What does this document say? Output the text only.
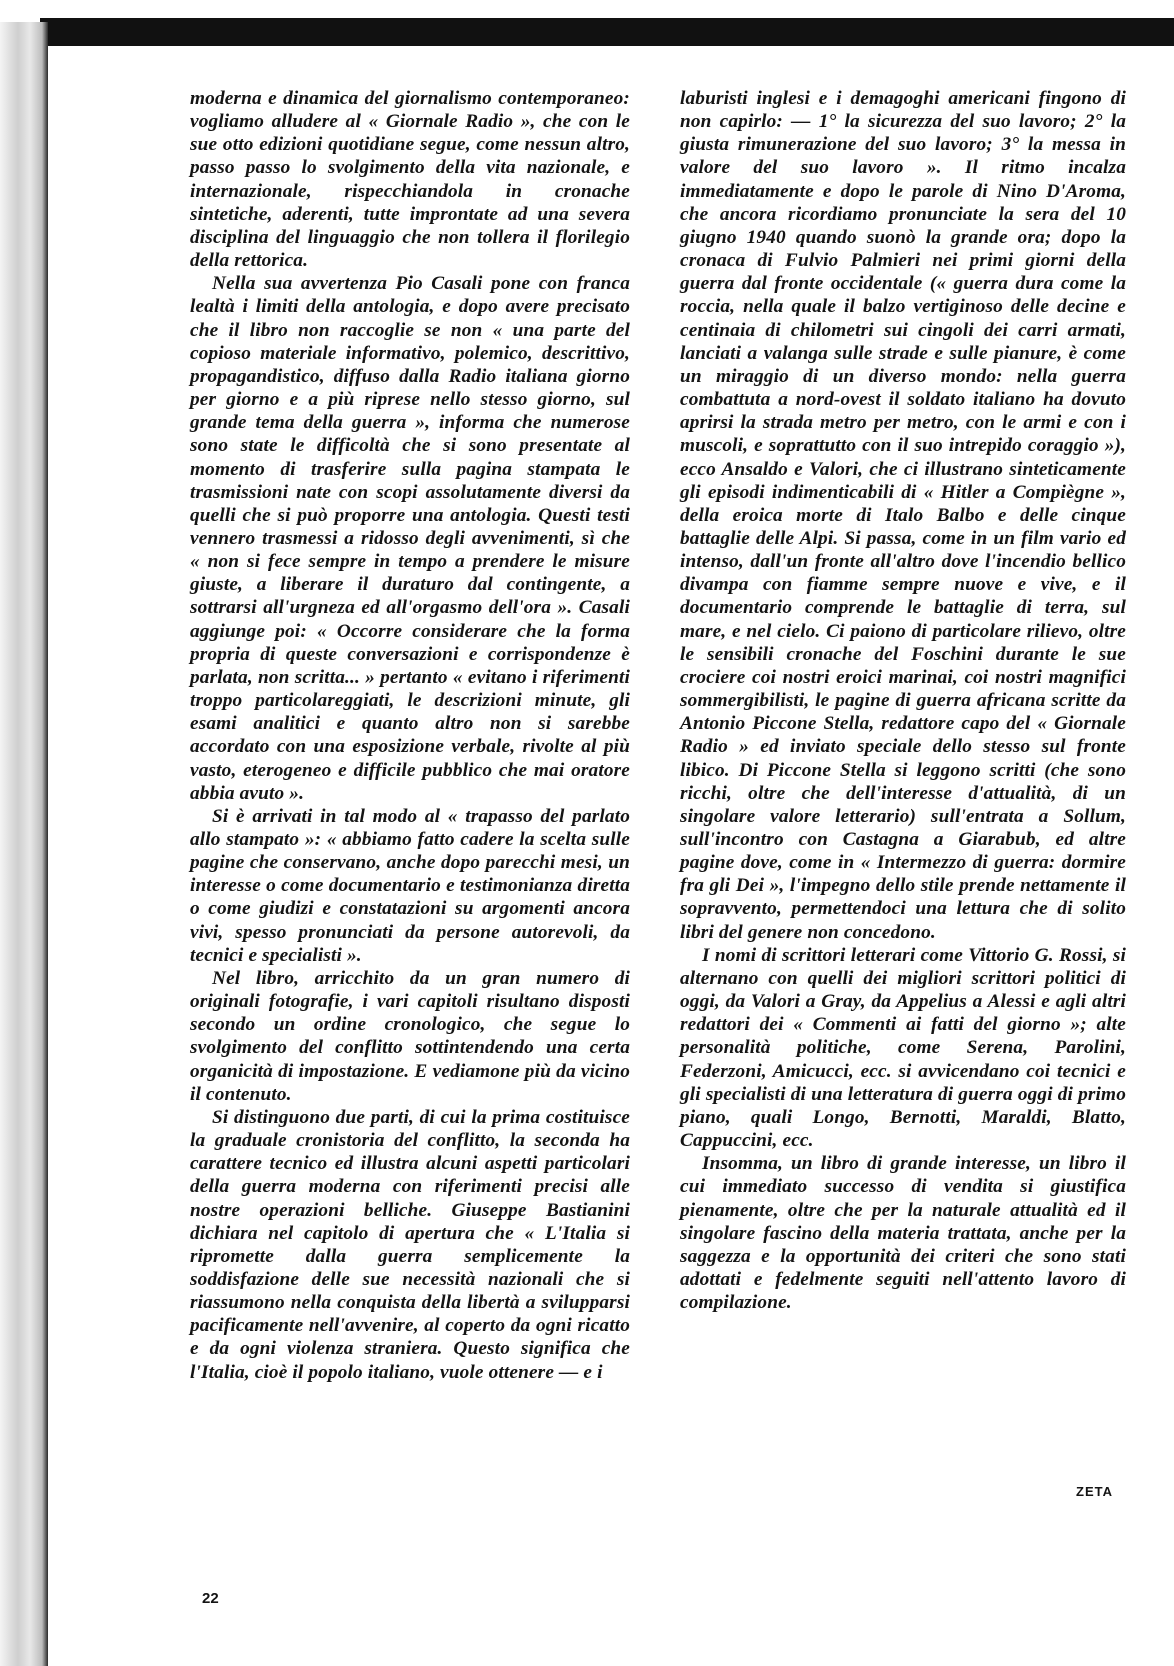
moderna e dinamica del giornalismo contemporaneo: vogliamo alludere al « Giornale Radio », che con le sue otto edizioni quotidiane segue, come nessun altro, passo passo lo svolgimento della vita nazionale, e internazionale, rispecchiandola in cronache sintetiche, aderenti, tutte improntate ad una severa disciplina del linguaggio che non tollera il florilegio della rettorica.

Nella sua avvertenza Pio Casali pone con franca lealtà i limiti della antologia, e dopo avere precisato che il libro non raccoglie se non « una parte del copioso materiale informativo, polemico, descrittivo, propagandistico, diffuso dalla Radio italiana giorno per giorno e a più riprese nello stesso giorno, sul grande tema della guerra », informa che numerose sono state le difficoltà che si sono presentate al momento di trasferire sulla pagina stampata le trasmissioni nate con scopi assolutamente diversi da quelli che si può proporre una antologia. Questi testi vennero trasmessi a ridosso degli avvenimenti, sì che « non si fece sempre in tempo a prendere le misure giuste, a liberare il duraturo dal contingente, a sottrarsi all'urgneza ed all'orgasmo dell'ora ». Casali aggiunge poi: « Occorre considerare che la forma propria di queste conversazioni e corrispondenze è parlata, non scritta... » pertanto « evitano i riferimenti troppo particolareggiati, le descrizioni minute, gli esami analitici e quanto altro non si sarebbe accordato con una esposizione verbale, rivolte al più vasto, eterogeneo e difficile pubblico che mai oratore abbia avuto ».

Si è arrivati in tal modo al « trapasso del parlato allo stampato »: « abbiamo fatto cadere la scelta sulle pagine che conservano, anche dopo parecchi mesi, un interesse o come documentario e testimonianza diretta o come giudizi e constatazioni su argomenti ancora vivi, spesso pronunciati da persone autorevoli, da tecnici e specialisti ».

Nel libro, arricchito da un gran numero di originali fotografie, i vari capitoli risultano disposti secondo un ordine cronologico, che segue lo svolgimento del conflitto sottintendendo una certa organicità di impostazione. E vediamone più da vicino il contenuto.

Si distinguono due parti, di cui la prima costituisce la graduale cronistoria del conflitto, la seconda ha carattere tecnico ed illustra alcuni aspetti particolari della guerra moderna con riferimenti precisi alle nostre operazioni belliche. Giuseppe Bastianini dichiara nel capitolo di apertura che « L'Italia si ripromette dalla guerra semplicemente la soddisfazione delle sue necessità nazionali che si riassumono nella conquista della libertà a svilupparsi pacificamente nell'avvenire, al coperto da ogni ricatto e da ogni violenza straniera. Questo significa che l'Italia, cioè il popolo italiano, vuole ottenere — e i

laburisti inglesi e i demagoghi americani fingono di non capirlo: — 1° la sicurezza del suo lavoro; 2° la giusta rimunerazione del suo lavoro; 3° la messa in valore del suo lavoro ». Il ritmo incalza immediatamente e dopo le parole di Nino D'Aroma, che ancora ricordiamo pronunciate la sera del 10 giugno 1940 quando suonò la grande ora; dopo la cronaca di Fulvio Palmieri nei primi giorni della guerra dal fronte occidentale (« guerra dura come la roccia, nella quale il balzo vertiginoso delle decine e centinaia di chilometri sui cingoli dei carri armati, lanciati a valanga sulle strade e sulle pianure, è come un miraggio di un diverso mondo: nella guerra combattuta a nord-ovest il soldato italiano ha dovuto aprirsi la strada metro per metro, con le armi e con i muscoli, e soprattutto con il suo intrepido coraggio »), ecco Ansaldo e Valori, che ci illustrano sinteticamente gli episodi indimenticabili di « Hitler a Compiègne », della eroica morte di Italo Balbo e delle cinque battaglie delle Alpi. Si passa, come in un film vario ed intenso, dall'un fronte all'altro dove l'incendio bellico divampa con fiamme sempre nuove e vive, e il documentario comprende le battaglie di terra, sul mare, e nel cielo. Ci paiono di particolare rilievo, oltre le sensibili cronache del Foschini durante le sue crociere coi nostri eroici marinai, coi nostri magnifici sommergibilisti, le pagine di guerra africana scritte da Antonio Piccone Stella, redattore capo del « Giornale Radio » ed inviato speciale dello stesso sul fronte libico. Di Piccone Stella si leggono scritti (che sono ricchi, oltre che dell'interesse d'attualità, di un singolare valore letterario) sull'entrata a Sollum, sull'incontro con Castagna a Giarabub, ed altre pagine dove, come in « Intermezzo di guerra: dormire fra gli Dei », l'impegno dello stile prende nettamente il sopravvento, permettendoci una lettura che di solito libri del genere non concedono.

I nomi di scrittori letterari come Vittorio G. Rossi, si alternano con quelli dei migliori scrittori politici di oggi, da Valori a Gray, da Appelius a Alessi e agli altri redattori dei « Commenti ai fatti del giorno »; alte personalità politiche, come Serena, Parolini, Federzoni, Amicucci, ecc. si avvicendano coi tecnici e gli specialisti di una letteratura di guerra oggi di primo piano, quali Longo, Bernotti, Maraldi, Blatto, Cappuccini, ecc.

Insomma, un libro di grande interesse, un libro il cui immediato successo di vendita si giustifica pienamente, oltre che per la naturale attualità ed il singolare fascino della materia trattata, anche per la saggezza e la opportunità dei criteri che sono stati adottati e fedelmente seguiti nell'attento lavoro di compilazione.

ZETA
22
